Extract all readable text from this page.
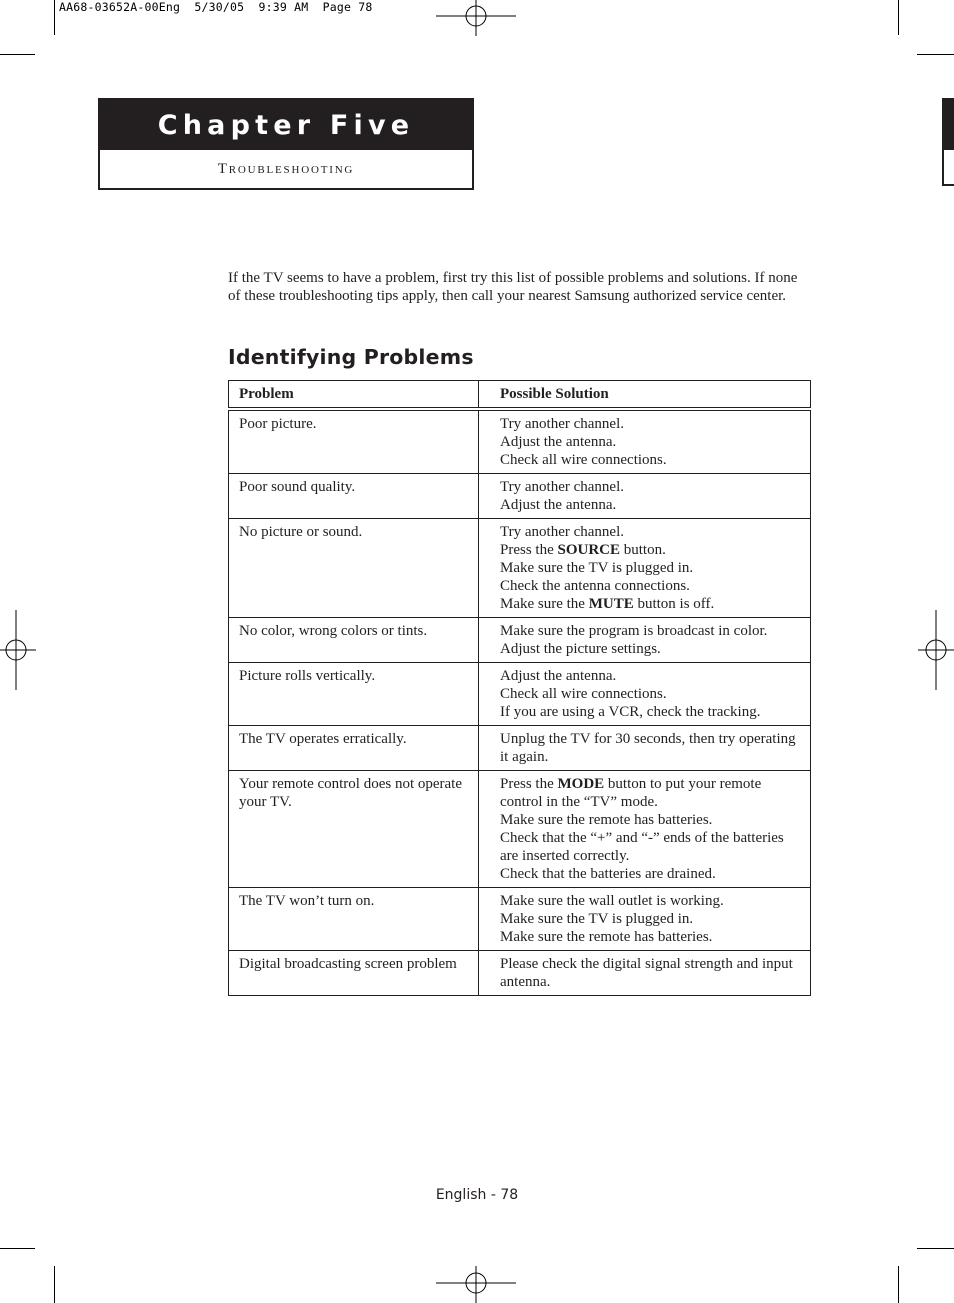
AA68-03652A-00Eng  5/30/05  9:39 AM  Page 78
Chapter Five
Troubleshooting

If the TV seems to have a problem, first try this list of possible problems and solutions. If none of these troubleshooting tips apply, then call your nearest Samsung authorized service center.

Identifying Problems
Problem	Possible Solution
Poor picture.	Try another channel.
Adjust the antenna.
Check all wire connections.

Poor sound quality.	Try another channel.
Adjust the antenna.

No picture or sound.	Try another channel.
Press the SOURCE button.
Make sure the TV is plugged in.
Check the antenna connections.
Make sure the MUTE button is off.

No color, wrong colors or tints.	Make sure the program is broadcast in color.
Adjust the picture settings.

Picture rolls vertically.	Adjust the antenna.
Check all wire connections.
If you are using a VCR, check the tracking.

The TV operates erratically.	Unplug the TV for 30 seconds, then try operating it again.

Your remote control does not operate your TV.	Press the MODE button to put your remote control in the “TV” mode.
Make sure the remote has batteries.
Check that the “+” and “-” ends of the batteries are inserted correctly.
Check that the batteries are drained.

The TV won’t turn on.	Make sure the wall outlet is working.
Make sure the TV is plugged in.
Make sure the remote has batteries.

Digital broadcasting screen problem	Please check the digital signal strength and input antenna.
English - 78
